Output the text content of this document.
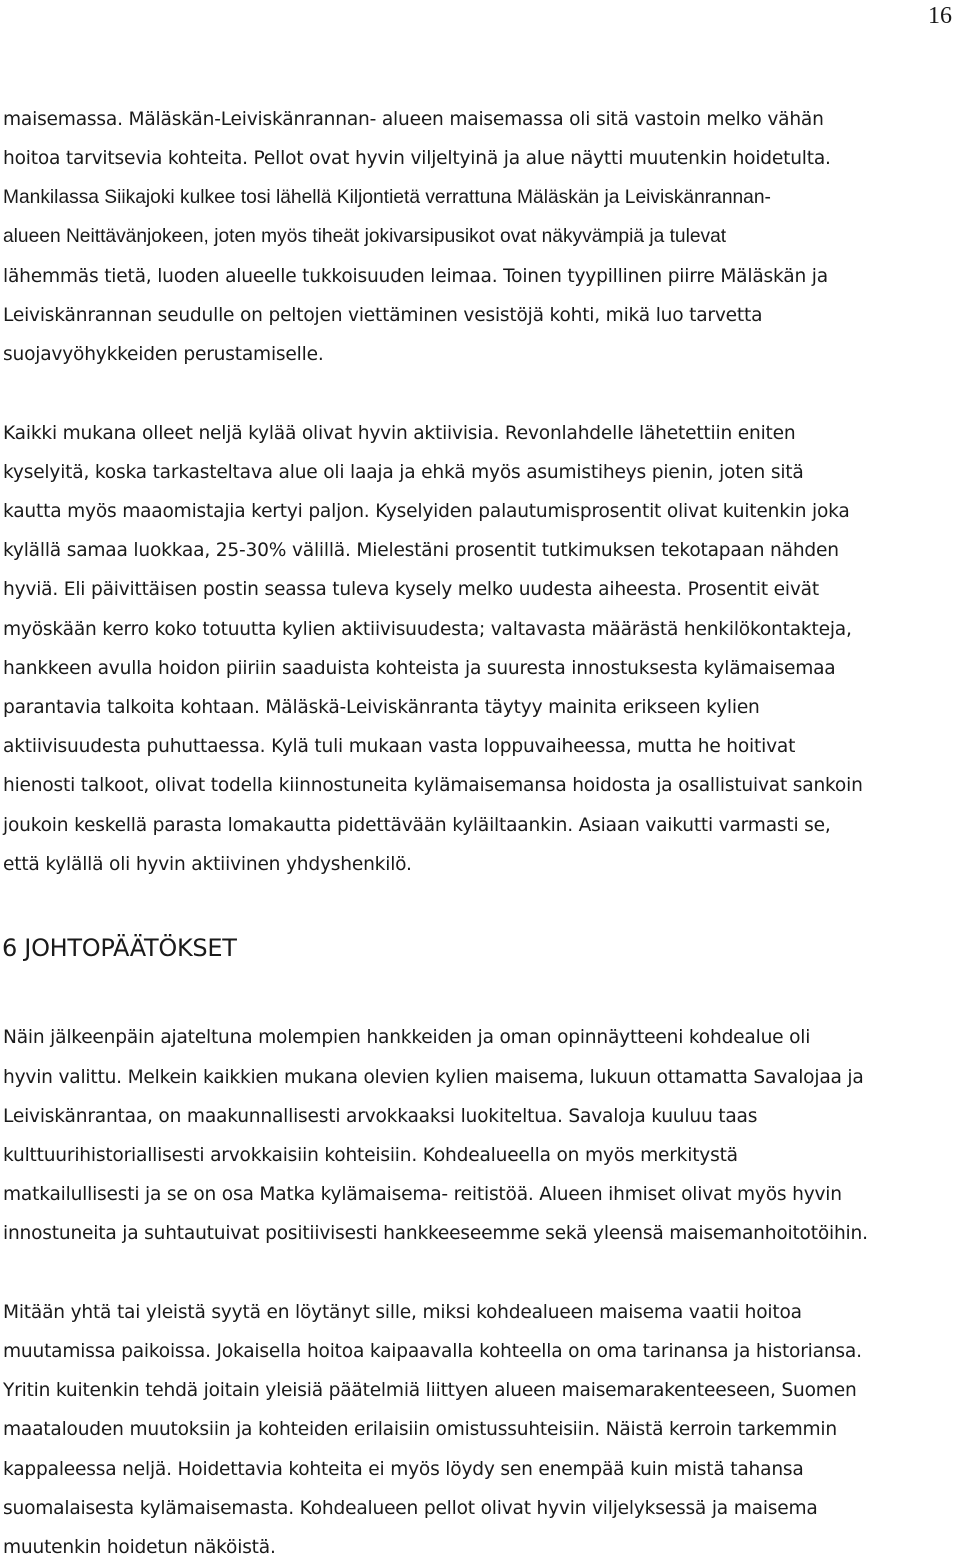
16
maisemassa. Mäläskän-Leiviskänrannan- alueen maisemassa oli sitä vastoin melko vähän
hoitoa tarvitsevia kohteita. Pellot ovat hyvin viljeltyinä ja alue näytti muutenkin hoidetulta.
Mankilassa Siikajoki kulkee tosi lähellä Kiljontietä verrattuna Mäläskän ja Leiviskänrannan-
alueen Neittävänjokeen, joten myös tiheät jokivarsipusikot ovat näkyvämpiä ja tulevat
lähemmäs tietä, luoden alueelle tukkoisuuden leimaa. Toinen tyypillinen piirre Mäläskän ja
Leiviskänrannan seudulle on peltojen viettäminen vesistöjä kohti, mikä luo tarvetta
suojavyöhykkeiden perustamiselle.
Kaikki mukana olleet neljä kylää olivat hyvin aktiivisia. Revonlahdelle lähetettiin eniten
kyselyitä, koska tarkasteltava alue oli laaja ja ehkä myös asumistiheys pienin, joten sitä
kautta myös maaomistajia kertyi paljon. Kyselyiden palautumisprosentit olivat kuitenkin joka
kylällä samaa luokkaa, 25-30% välillä. Mielestäni prosentit tutkimuksen tekotapaan nähden
hyviä. Eli päivittäisen postin seassa tuleva kysely melko uudesta aiheesta. Prosentit eivät
myöskään kerro koko totuutta kylien aktiivisuudesta; valtavasta määrästä henkilökontakteja,
hankkeen avulla hoidon piiriin saaduista kohteista ja suuresta innostuksesta kylämaisemaa
parantavia talkoita kohtaan. Mäläskä-Leiviskänranta täytyy mainita erikseen kylien
aktiivisuudesta puhuttaessa. Kylä tuli mukaan vasta loppuvaiheessa, mutta he hoitivat
hienosti talkoot, olivat todella kiinnostuneita kylämaisemansa hoidosta ja osallistuivat sankoin
joukoin keskellä parasta lomakautta pidettävään kyläiltaankin. Asiaan vaikutti varmasti se,
että kylällä oli hyvin aktiivinen yhdyshenkilö.
6 JOHTOPÄÄTÖKSET
Näin jälkeenpäin ajateltuna molempien hankkeiden ja oman opinnäytteeni kohdealue oli
hyvin valittu. Melkein kaikkien mukana olevien kylien maisema, lukuun ottamatta Savalojaa ja
Leiviskänrantaa, on maakunnallisesti arvokkaaksi luokiteltua. Savaloja kuuluu taas
kulttuurihistoriallisesti arvokkaisiin kohteisiin. Kohdealueella on myös merkitystä
matkailullisesti ja se on osa Matka kylämaisema- reitistöä. Alueen ihmiset olivat myös hyvin
innostuneita ja suhtautuivat positiivisesti hankkeeseemme sekä yleensä maisemanhoitotöihin.
Mitään yhtä tai yleistä syytä en löytänyt sille, miksi kohdealueen maisema vaatii hoitoa
muutamissa paikoissa. Jokaisella hoitoa kaipaavalla kohteella on oma tarinansa ja historiansa.
Yritin kuitenkin tehdä joitain yleisiä päätelmiä liittyen alueen maisemarakenteeseen, Suomen
maatalouden muutoksiin ja kohteiden erilaisiin omistussuhteisiin. Näistä kerroin tarkemmin
kappaleessa neljä. Hoidettavia kohteita ei myös löydy sen enempää kuin mistä tahansa
suomalaisesta kylämaisemasta. Kohdealueen pellot olivat hyvin viljelyksessä ja maisema
muutenkin hoidetun näköistä.
